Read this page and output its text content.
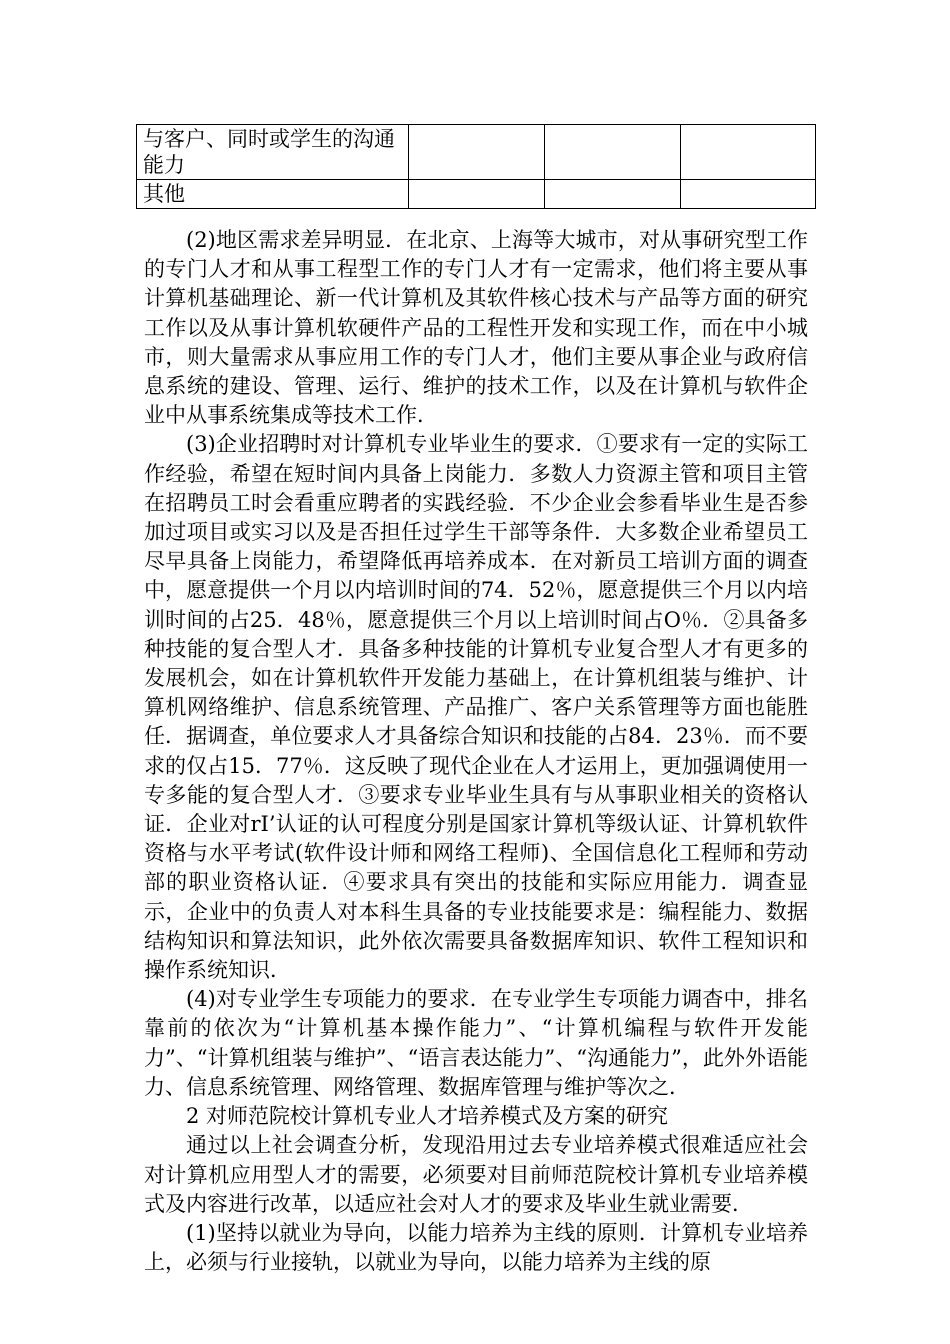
与客户、同时或学生的沟通能力			
其他			

(2)地区需求差异明显．在北京、上海等大城市，对从事研究型工作的专门人才和从事工程型工作的专门人才有一定需求，他们将主要从事计算机基础理论、新一代计算机及其软件核心技术与产品等方面的研究工作以及从事计算机软硬件产品的工程性开发和实现工作，而在中小城市，则大量需求从事应用工作的专门人才，他们主要从事企业与政府信息系统的建设、管理、运行、维护的技术工作，以及在计算机与软件企业中从事系统集成等技术工作．

(3)企业招聘时对计算机专业毕业生的要求．①要求有一定的实际工作经验，希望在短时间内具备上岗能力．多数人力资源主管和项目主管在招聘员工时会看重应聘者的实践经验．不少企业会参看毕业生是否参加过项目或实习以及是否担任过学生干部等条件．大多数企业希望员工尽早具备上岗能力，希望降低再培养成本．在对新员工培训方面的调查中，愿意提供一个月以内培训时间的74．52％，愿意提供三个月以内培训时间的占25．48％，愿意提供三个月以上培训时间占O％．②具备多种技能的复合型人才．具备多种技能的计算机专业复合型人才有更多的发展机会，如在计算机软件开发能力基础上，在计算机组装与维护、计算机网络维护、信息系统管理、产品推广、客户关系管理等方面也能胜任．据调查，单位要求人才具备综合知识和技能的占84．23％．而不要求的仅占15．77％．这反映了现代企业在人才运用上，更加强调使用一专多能的复合型人才．③要求专业毕业生具有与从事职业相关的资格认证．企业对rI’认证的认可程度分别是国家计算机等级认证、计算机软件资格与水平考试(软件设计师和网络工程师)、全国信息化工程师和劳动部的职业资格认证．④要求具有突出的技能和实际应用能力．调查显示，企业中的负责人对本科生具备的专业技能要求是：编程能力、数据结构知识和算法知识，此外依次需要具备数据库知识、软件工程知识和操作系统知识．

(4)对专业学生专项能力的要求．在专业学生专项能力调杳中，排名靠前的依次为“计算机基本操作能力”、“计算机编程与软件开发能力”、“计算机组装与维护”、“语言表达能力”、“沟通能力”，此外外语能力、信息系统管理、网络管理、数据库管理与维护等次之．

2 对师范院校计算机专业人才培养模式及方案的研究

通过以上社会调查分析，发现沿用过去专业培养模式很难适应社会对计算机应用型人才的需要，必须要对目前师范院校计算机专业培养模式及内容进行改革，以适应社会对人才的要求及毕业生就业需要．

(1)坚持以就业为导向，以能力培养为主线的原则．计算机专业培养上，必须与行业接轨，以就业为导向，以能力培养为主线的原
